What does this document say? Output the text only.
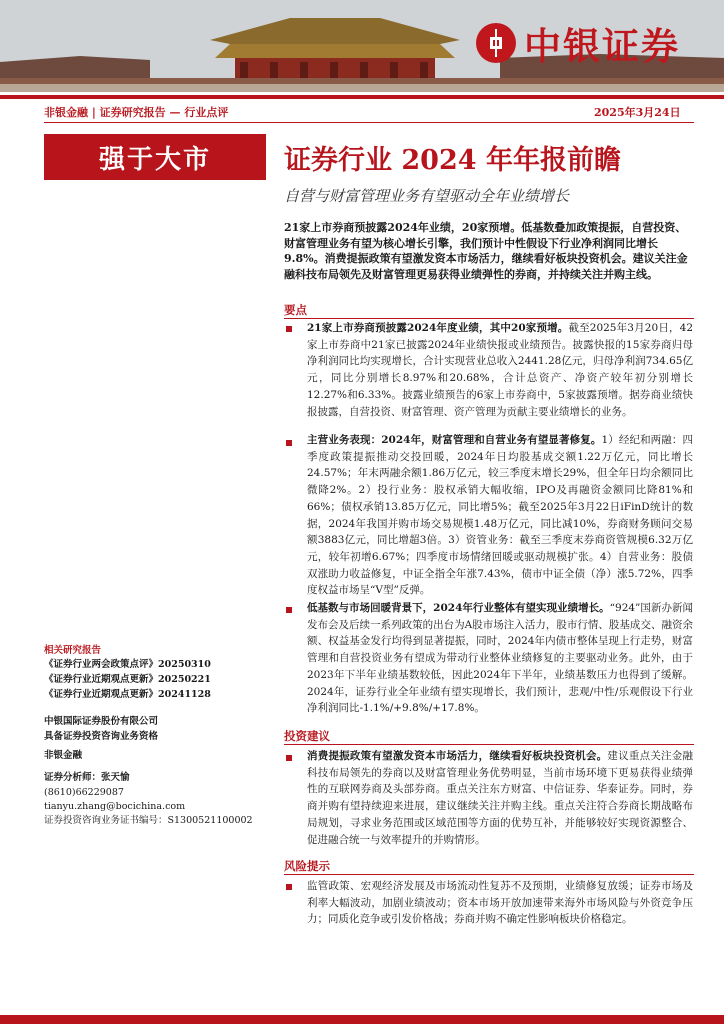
中银证券
非银金融 | 证券研究报告 — 行业点评	2025年3月24日
强于大市	证券行业 2024 年年报前瞻
自营与财富管理业务有望驱动全年业绩增长
21家上市券商预披露2024年业绩，20家预增。低基数叠加政策提振，自营投资、财富管理业务有望为核心增长引擎，我们预计中性假设下行业净利润同比增长9.8%。消费提振政策有望激发资本市场活力，继续看好板块投资机会。建议关注金融科技布局领先及财富管理更易获得业绩弹性的券商，并持续关注并购主线。
要点
21家上市券商预披露2024年度业绩，其中20家预增。截至2025年3月20日，42家上市券商中21家已披露2024年业绩快报或业绩预告。披露快报的15家券商归母净利润同比均实现增长，合计实现营业总收入2441.28亿元，归母净利润734.65亿元，同比分别增长8.97%和20.68%，合计总资产、净资产较年初分别增长12.27%和6.33%。披露业绩预告的6家上市券商中，5家披露预增。据券商业绩快报披露，自营投资、财富管理、资产管理为贡献主要业绩增长的业务。
主营业务表现：2024年，财富管理和自营业务有望显著修复。1）经纪和两融：四季度政策提振推动交投回暖，2024年日均股基成交额1.22万亿元，同比增长24.57%；年末两融余额1.86万亿元，较三季度末增长29%，但全年日均余额同比微降2%。2）投行业务：股权承销大幅收缩，IPO及再融资金额同比降81%和66%；债权承销13.85万亿元，同比增5%；截至2025年3月22日iFinD统计的数据，2024年我国并购市场交易规模1.48万亿元，同比减10%，券商财务顾问交易额3883亿元，同比增超3倍。3）资管业务：截至三季度末券商资管规模6.32万亿元，较年初增6.67%；四季度市场情绪回暖或驱动规模扩张。4）自营业务：股债双涨助力收益修复，中证全指全年涨7.43%，债市中证全债（净）涨5.72%，四季度权益市场呈“V型”反弹。
低基数与市场回暖背景下，2024年行业整体有望实现业绩增长。“924”国新办新闻发布会及后续一系列政策的出台为A股市场注入活力，股市行情、股基成交、融资余额、权益基金发行均得到显著提振，同时，2024年内债市整体呈现上行走势，财富管理和自营投资业务有望成为带动行业整体业绩修复的主要驱动业务。此外，由于2023年下半年业绩基数较低，因此2024年下半年，业绩基数压力也得到了缓解。2024年，证券行业全年业绩有望实现增长，我们预计，悲观/中性/乐观假设下行业净利润同比-1.1%/+9.8%/+17.8%。
投资建议
消费提振政策有望激发资本市场活力，继续看好板块投资机会。建议重点关注金融科技布局领先的券商以及财富管理业务优势明显，当前市场环境下更易获得业绩弹性的互联网券商及头部券商。重点关注东方财富、中信证券、华泰证券。同时，券商并购有望持续迎来进展，建议继续关注并购主线。重点关注符合券商长期战略布局规划，寻求业务范围或区域范围等方面的优势互补，并能够较好实现资源整合、促进融合统一与效率提升的并购情形。
风险提示
监管政策、宏观经济发展及市场流动性复苏不及预期，业绩修复放缓；证券市场及利率大幅波动，加剧业绩波动；资本市场开放加速带来海外市场风险与外资竞争压力；同质化竞争或引发价格战；券商并购不确定性影响板块价格稳定。
相关研究报告
《证券行业两会政策点评》20250310
《证券行业近期观点更新》20250221
《证券行业近期观点更新》20241128
中银国际证券股份有限公司
具备证券投资咨询业务资格
非银金融
证券分析师：张天愉
(8610)66229087
tianyu.zhang@bocichina.com
证券投资咨询业务证书编号：S1300521100002
